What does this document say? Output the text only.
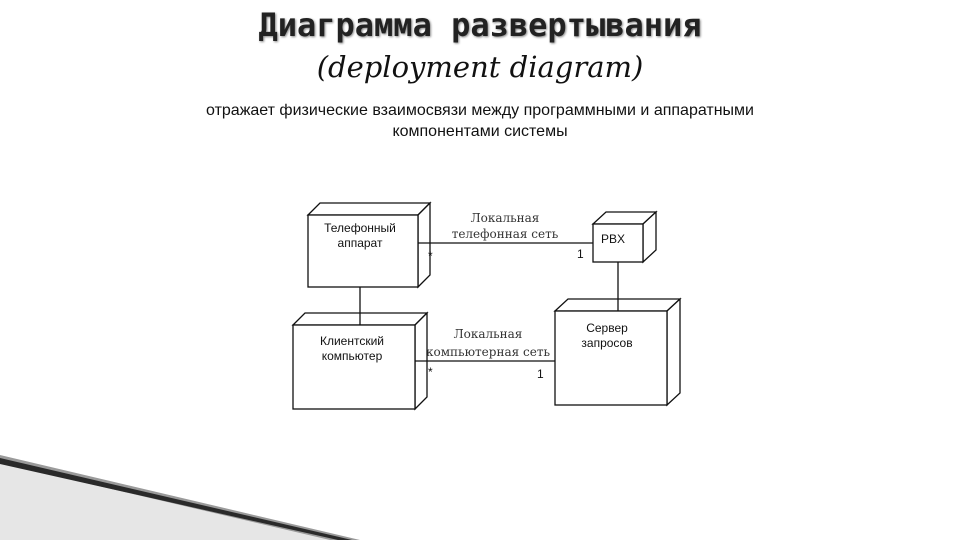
Диаграмма развертывания
(deployment diagram)
отражает физические взаимосвязи между программными и аппаратными
компонентами системы
Телефонный
аппарат	PBX
Клиентский
компьютер
Сервер
запросов
Локальная
телефонная сеть
*	1
Локальная
компьютерная сеть
*	1
